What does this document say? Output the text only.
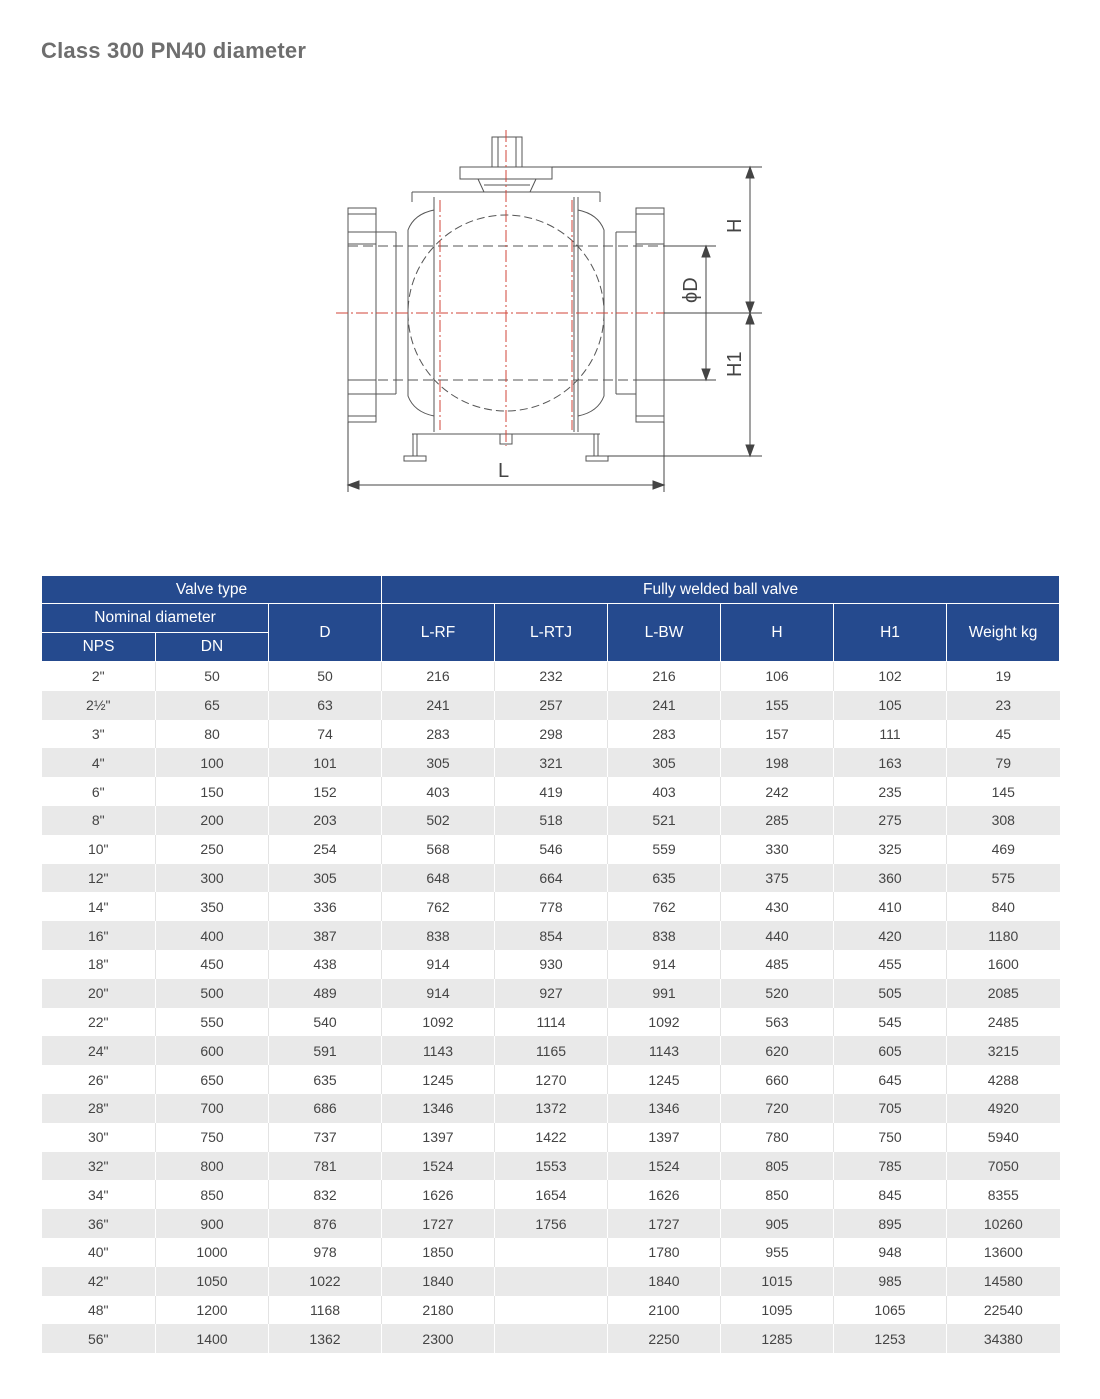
Class 300 PN40 diameter
H
H1
ϕD
L
Valve type			Fully welded ball valve					
Nominal diameter		D	L-RF	L-RTJ	L-BW	H	H1	Weight kg
NPS	DN							
2"	50	50	216	232	216	106	102	19
2½"	65	63	241	257	241	155	105	23
3"	80	74	283	298	283	157	111	45
4"	100	101	305	321	305	198	163	79
6"	150	152	403	419	403	242	235	145
8"	200	203	502	518	521	285	275	308
10"	250	254	568	546	559	330	325	469
12"	300	305	648	664	635	375	360	575
14"	350	336	762	778	762	430	410	840
16"	400	387	838	854	838	440	420	1180
18"	450	438	914	930	914	485	455	1600
20"	500	489	914	927	991	520	505	2085
22"	550	540	1092	1114	1092	563	545	2485
24"	600	591	1143	1165	1143	620	605	3215
26"	650	635	1245	1270	1245	660	645	4288
28"	700	686	1346	1372	1346	720	705	4920
30"	750	737	1397	1422	1397	780	750	5940
32"	800	781	1524	1553	1524	805	785	7050
34"	850	832	1626	1654	1626	850	845	8355
36"	900	876	1727	1756	1727	905	895	10260
40"	1000	978	1850		1780	955	948	13600
42"	1050	1022	1840		1840	1015	985	14580
48"	1200	1168	2180		2100	1095	1065	22540
56"	1400	1362	2300		2250	1285	1253	34380
